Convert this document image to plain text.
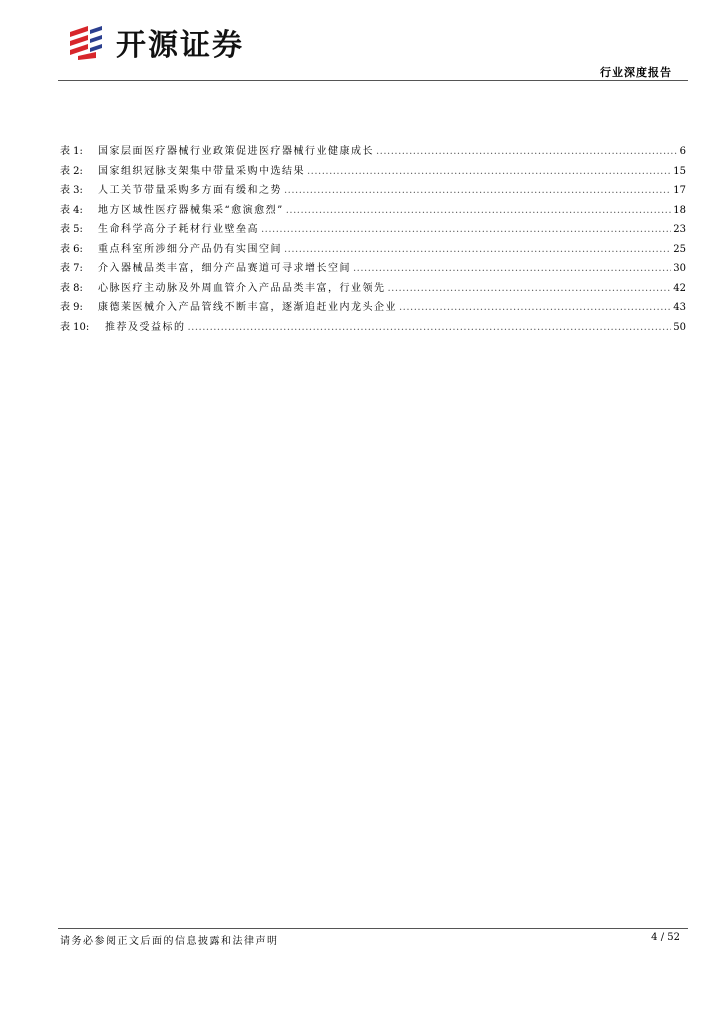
开源证券
行业深度报告
表 1:	国家层面医疗器械行业政策促进医疗器械行业健康成长 .....	6
表 2:	国家组织冠脉支架集中带量采购中选结果 .....	15
表 3:	人工关节带量采购多方面有缓和之势 .....	17
表 4:	地方区域性医疗器械集采“愈演愈烈” .....	18
表 5:	生命科学高分子耗材行业壁垒高 .....	23
表 6:	重点科室所涉细分产品仍有实围空间 .....	25
表 7:	介入器械品类丰富，细分产品赛道可寻求增长空间 .....	30
表 8:	心脉医疗主动脉及外周血管介入产品品类丰富，行业领先 .....	42
表 9:	康德莱医械介入产品管线不断丰富，逐渐追赶业内龙头企业 .....	43
表 10:	推荐及受益标的 .....	50
请务必参阅正文后面的信息披露和法律声明	4 / 52
